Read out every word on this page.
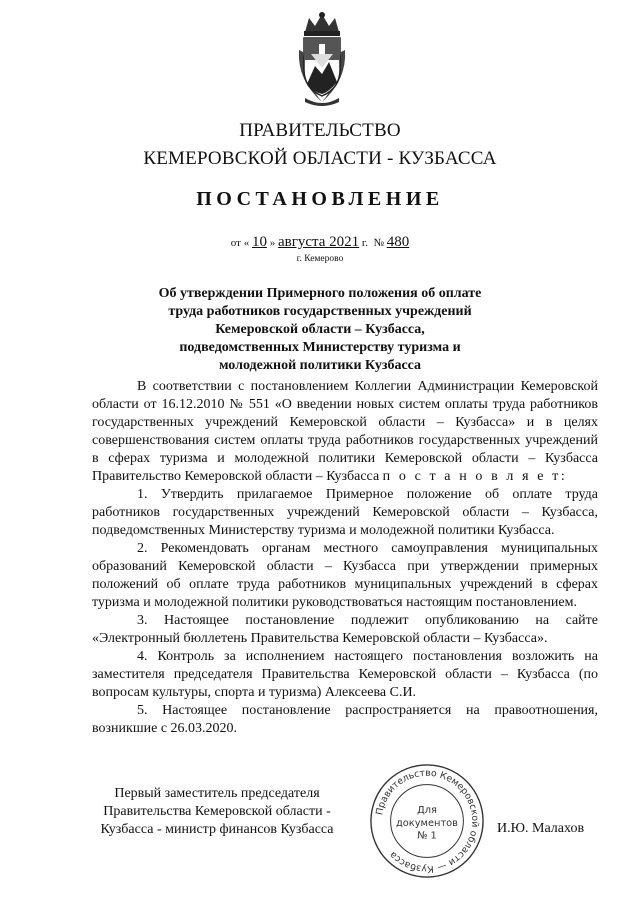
ПРАВИТЕЛЬСТВО
КЕМЕРОВСКОЙ ОБЛАСТИ - КУЗБАССА
ПОСТАНОВЛЕНИЕ
от « 10 » августа 2021 г. № 480
г. Кемерово
Об утверждении Примерного положения об оплате
труда работников государственных учреждений
Кемеровской области – Кузбасса,
подведомственных Министерству туризма и
молодежной политики Кузбасса

В соответствии с постановлением Коллегии Администрации Кемеровской области от 16.12.2010 № 551 «О введении новых систем оплаты труда работников государственных учреждений Кемеровской области – Кузбасса» и в целях совершенствования систем оплаты труда работников государственных учреждений в сферах туризма и молодежной политики Кемеровской области – Кузбасса Правительство Кемеровской области – Кузбасса п о с т а н о в л я е т:

1. Утвердить прилагаемое Примерное положение об оплате труда работников государственных учреждений Кемеровской области – Кузбасса, подведомственных Министерству туризма и молодежной политики Кузбасса.

2. Рекомендовать органам местного самоуправления муниципальных образований Кемеровской области – Кузбасса при утверждении примерных положений об оплате труда работников муниципальных учреждений в сферах туризма и молодежной политики руководствоваться настоящим постановлением.

3. Настоящее постановление подлежит опубликованию на сайте «Электронный бюллетень Правительства Кемеровской области – Кузбасса».

4. Контроль за исполнением настоящего постановления возложить на заместителя председателя Правительства Кемеровской области – Кузбасса (по вопросам культуры, спорта и туризма) Алексеева С.И.

5. Настоящее постановление распространяется на правоотношения, возникшие с 26.03.2020.

Первый заместитель председателя
Правительства Кемеровской области -
Кузбасса - министр финансов Кузбасса
Правительство Кемеровской области — Кузбасса
Для
документов
№ 1
И.Ю. Малахов
